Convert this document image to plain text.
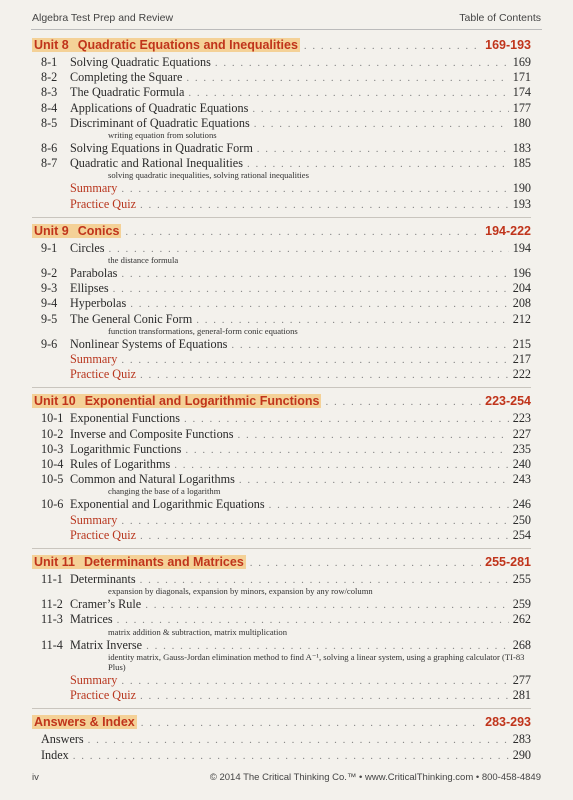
Algebra Test Prep and Review	Table of Contents
Unit 8 Quadratic Equations and Inequalities . . .	169-193
8-1	Solving Quadratic Equations . . .	169
8-2	Completing the Square . . .	171
8-3	The Quadratic Formula . . .	174
8-4	Applications of Quadratic Equations . . .	177
8-5	Discriminant of Quadratic Equations . . .	180
writing equation from solutions
8-6	Solving Equations in Quadratic Form . . .	183
8-7	Quadratic and Rational Inequalities . . .	185
solving quadratic inequalities, solving rational inequalities
Summary . . .	190
Practice Quiz . . .	193
Unit 9 Conics . . .	194-222
9-1	Circles . . .	194
the distance formula
9-2	Parabolas . . .	196
9-3	Ellipses . . .	204
9-4	Hyperbolas . . .	208
9-5	The General Conic Form . . .	212
function transformations, general-form conic equations
9-6	Nonlinear Systems of Equations . . .	215
Summary . . .	217
Practice Quiz . . .	222
Unit 10 Exponential and Logarithmic Functions . . .	223-254
10-1 Exponential Functions . . .	223
10-2 Inverse and Composite Functions . . .	227
10-3 Logarithmic Functions . . .	235
10-4 Rules of Logarithms . . .	240
10-5 Common and Natural Logarithms . . .	243
changing the base of a logarithm
10-6 Exponential and Logarithmic Equations . . .	246
Summary . . .	250
Practice Quiz . . .	254
Unit 11 Determinants and Matrices . . .	255-281
11-1 Determinants . . .	255
expansion by diagonals, expansion by minors, expansion by any row/column
11-2 Cramer’s Rule . . .	259
11-3 Matrices . . .	262
matrix addition & subtraction, matrix multiplication
11-4 Matrix Inverse . . .	268
identity matrix, Gauss-Jordan elimination method to find A⁻¹, solving a linear system, using a graphing calculator (TI-83 Plus)
Summary . . .	277
Practice Quiz . . .	281
Answers & Index . . .	283-293
Answers . . .	283
Index . . .	290
iv	© 2014 The Critical Thinking Co.™ • www.CriticalThinking.com • 800-458-4849
